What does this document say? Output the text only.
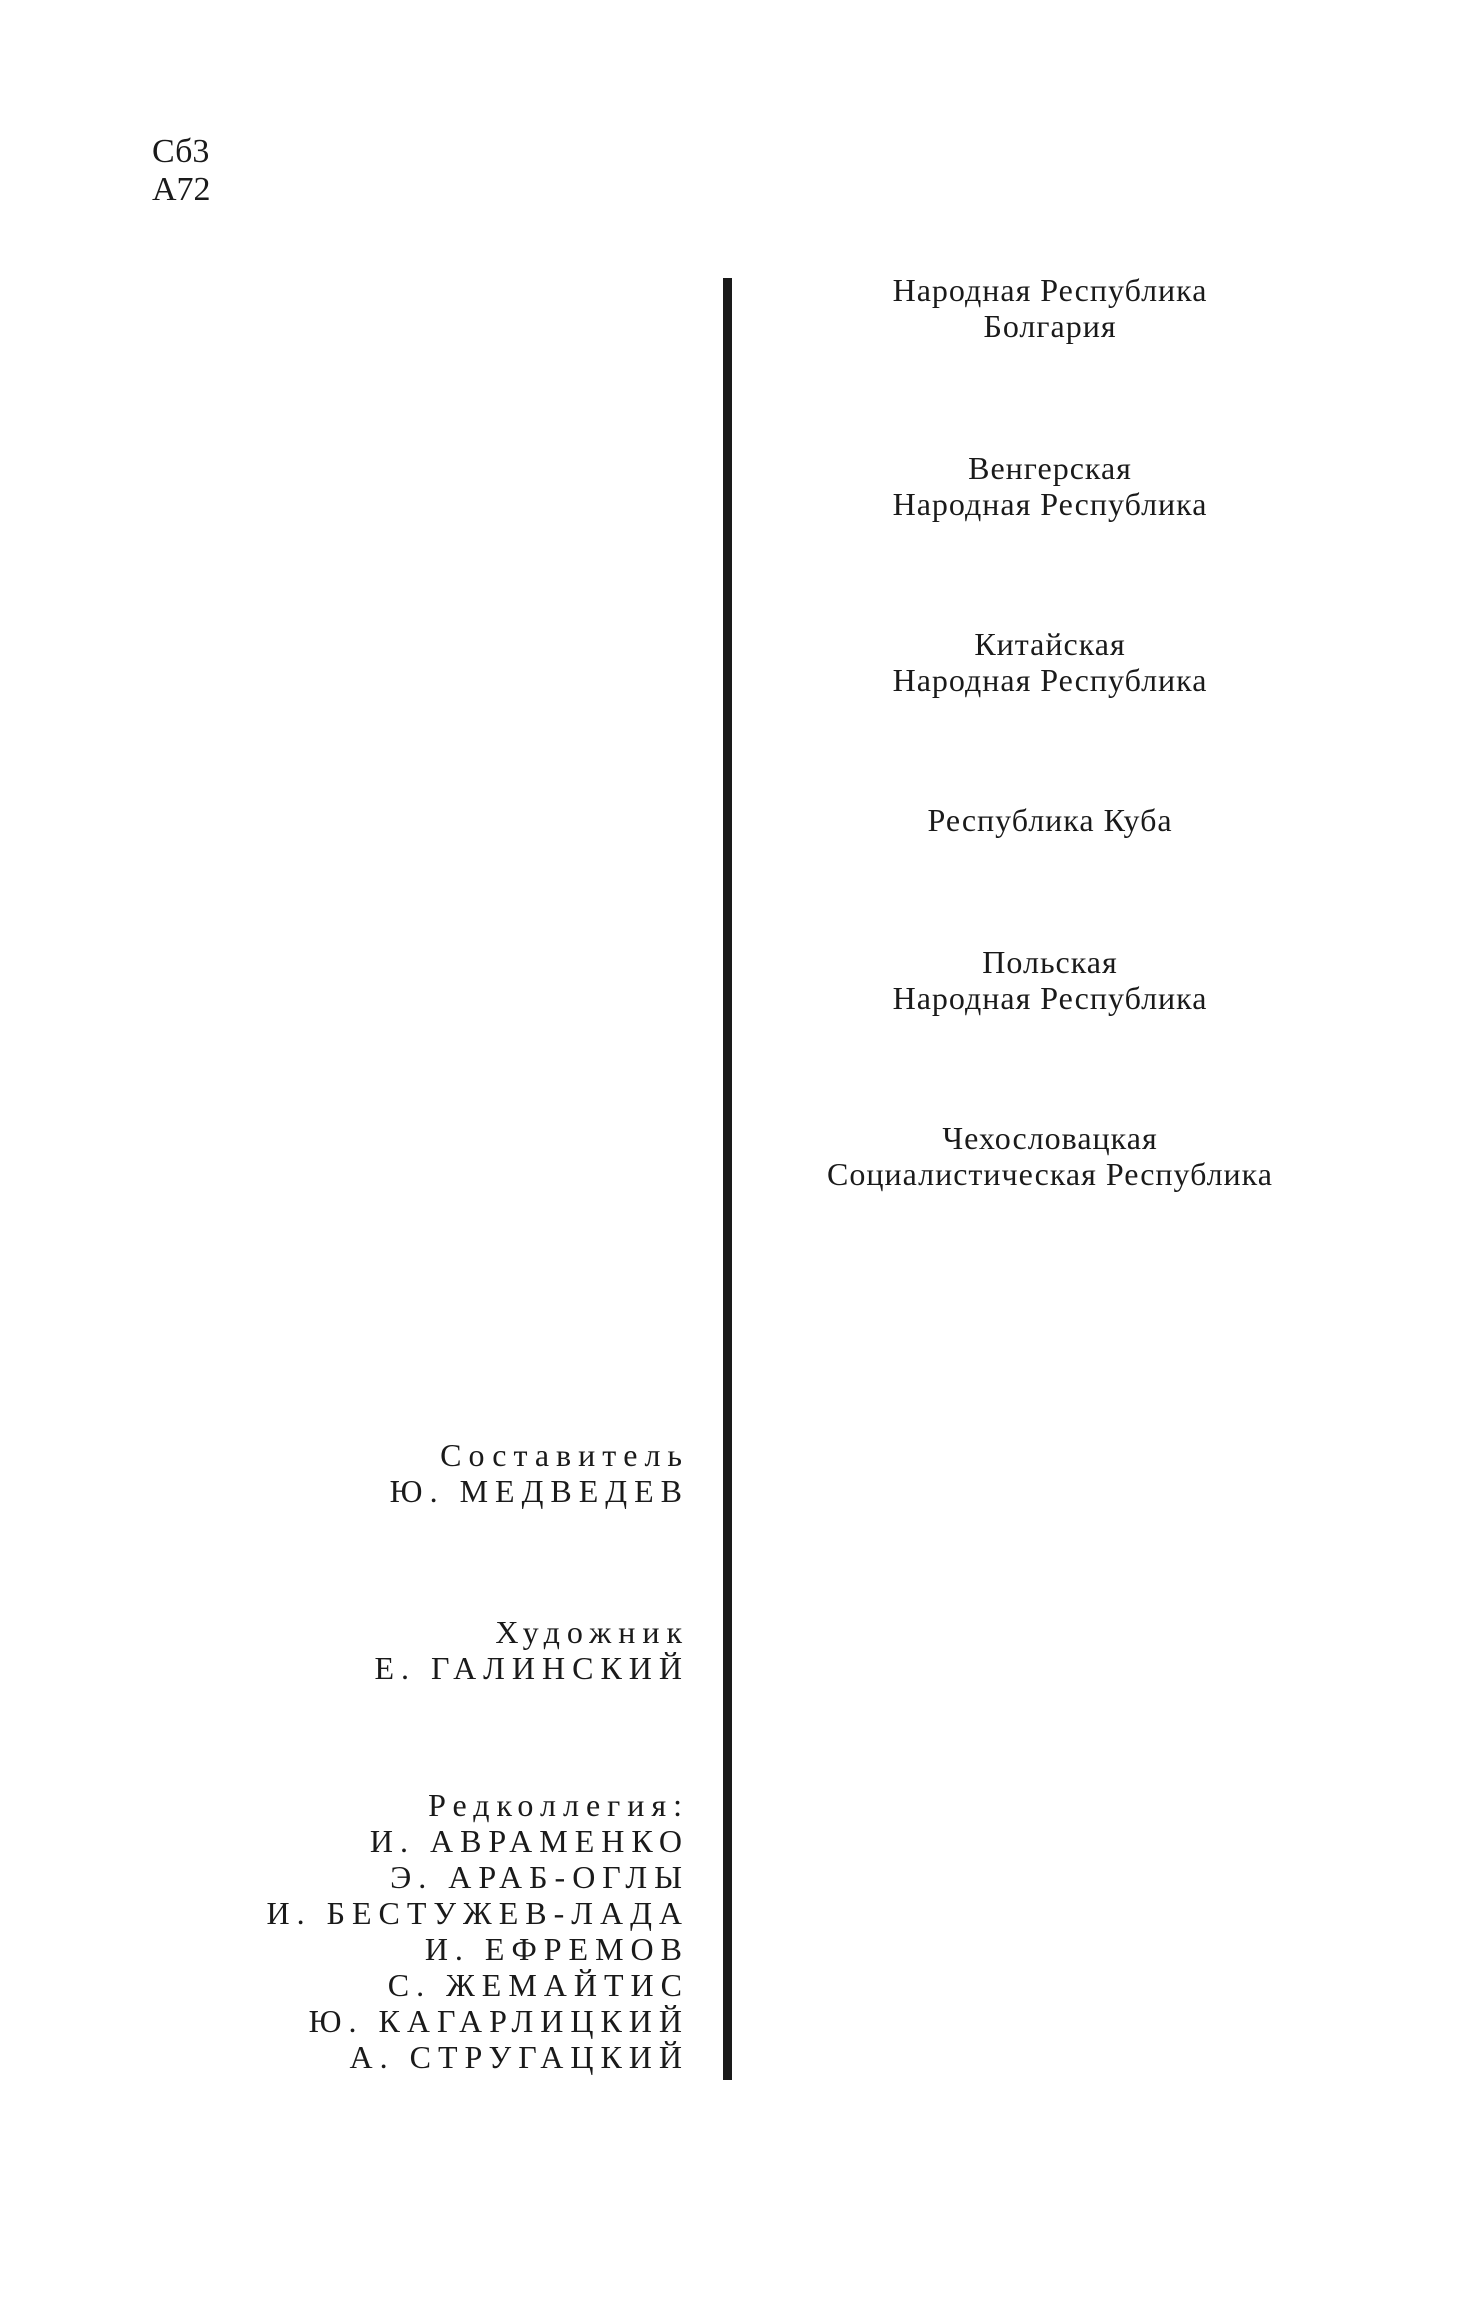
Сб3
А72
Народная Республика
Болгария
Венгерская
Народная Республика
Китайская
Народная Республика
Республика Куба
Польская
Народная Республика
Чехословацкая
Социалистическая Республика
Составитель
Ю. МЕДВЕДЕВ
Художник
Е. ГАЛИНСКИЙ
Редколлегия:
И. АВРАМЕНКО
Э. АРАБ-ОГЛЫ
И. БЕСТУЖЕВ-ЛАДА
И. ЕФРЕМОВ
С. ЖЕМАЙТИС
Ю. КАГАРЛИЦКИЙ
А. СТРУГАЦКИЙ
